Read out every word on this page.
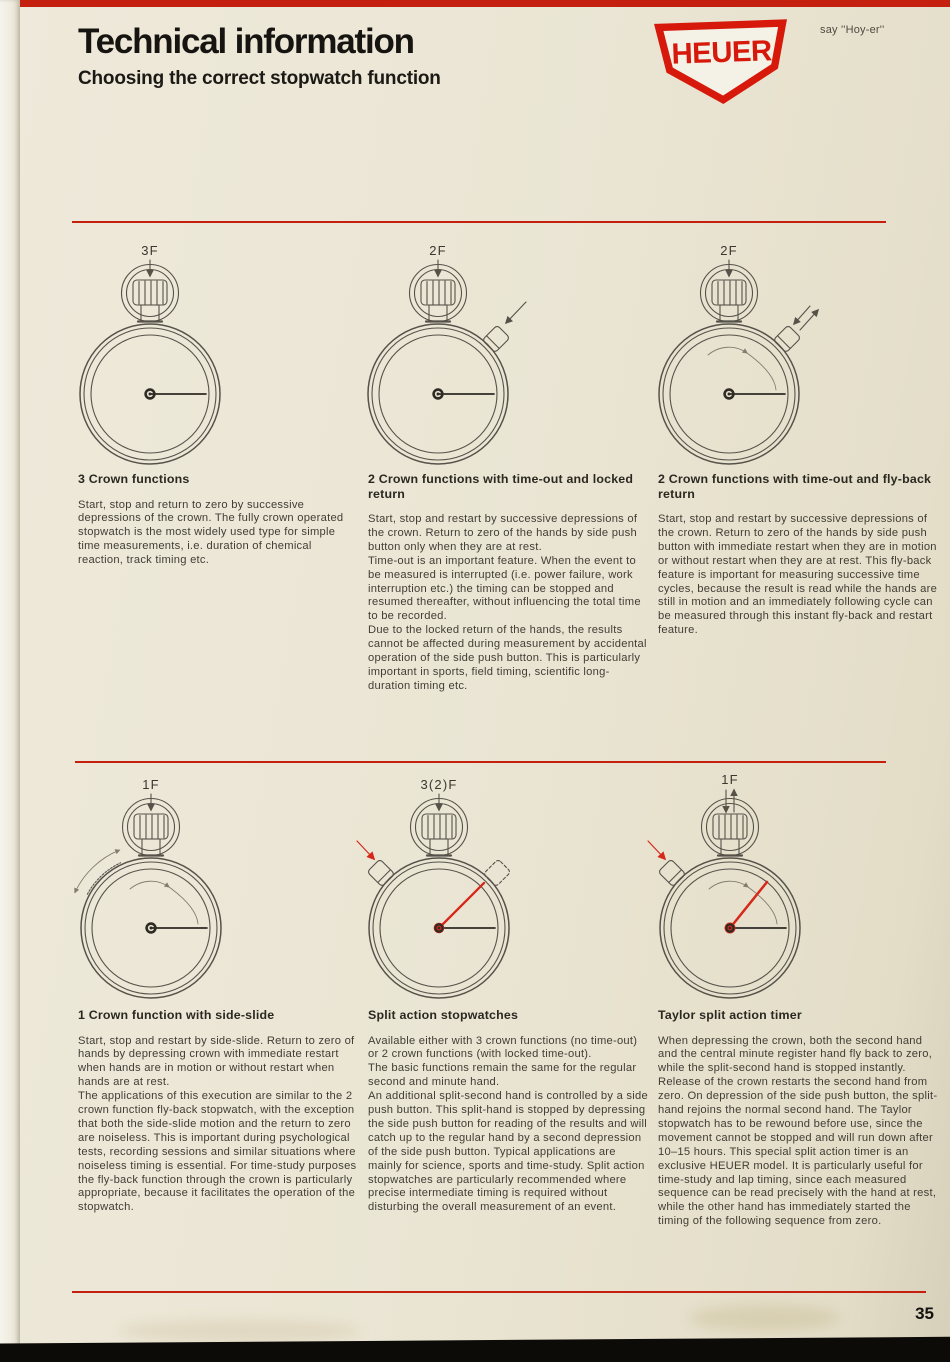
Technical information
Choosing the correct stopwatch function
HEUER
say ''Hoy-er''
3F	2F	2F
1F	3(2)F	1F
3 Crown functions

Start, stop and return to zero by successive depressions of the crown. The fully crown operated stopwatch is the most widely used type for simple time measurements, i.e. duration of chemical reaction, track timing etc.

2 Crown functions with time-out and locked return

Start, stop and restart by successive depressions of the crown. Return to zero of the hands by side push button only when they are at rest.

Time-out is an important feature. When the event to be measured is interrupted (i.e. power failure, work interruption etc.) the timing can be stopped and resumed thereafter, without influencing the total time to be recorded.

Due to the locked return of the hands, the results cannot be affected during measurement by accidental operation of the side push button. This is particularly important in sports, field timing, scientific long-duration timing etc.

2 Crown functions with time-out and fly-back return

Start, stop and restart by successive depressions of the crown. Return to zero of the hands by side push button with immediate restart when they are in motion or without restart when they are at rest. This fly-back feature is important for measuring successive time cycles, because the result is read while the hands are still in motion and an immediately following cycle can be measured through this instant fly-back and restart feature.

1 Crown function with side-slide

Start, stop and restart by side-slide. Return to zero of hands by depressing crown with immediate restart when hands are in motion or without restart when hands are at rest.

The applications of this execution are similar to the 2 crown function fly-back stopwatch, with the exception that both the side-slide motion and the return to zero are noiseless. This is important during psychological tests, recording sessions and similar situations where noiseless timing is essential. For time-study purposes the fly-back function through the crown is particularly appropriate, because it facilitates the operation of the stopwatch.

Split action stopwatches

Available either with 3 crown functions (no time-out) or 2 crown functions (with locked time-out).

The basic functions remain the same for the regular second and minute hand.

An additional split-second hand is controlled by a side push button. This split-hand is stopped by depressing the side push button for reading of the results and will catch up to the regular hand by a second depression of the side push button. Typical applications are mainly for science, sports and time-study. Split action stopwatches are particularly recommended where precise intermediate timing is required without disturbing the overall measurement of an event.

Taylor split action timer

When depressing the crown, both the second hand and the central minute register hand fly back to zero, while the split-second hand is stopped instantly. Release of the crown restarts the second hand from zero. On depression of the side push button, the split-hand rejoins the normal second hand. The Taylor stopwatch has to be rewound before use, since the movement cannot be stopped and will run down after 10–15 hours. This special split action timer is an exclusive HEUER model. It is particularly useful for time-study and lap timing, since each measured sequence can be read precisely with the hand at rest, while the other hand has immediately started the timing of the following sequence from zero.

35
